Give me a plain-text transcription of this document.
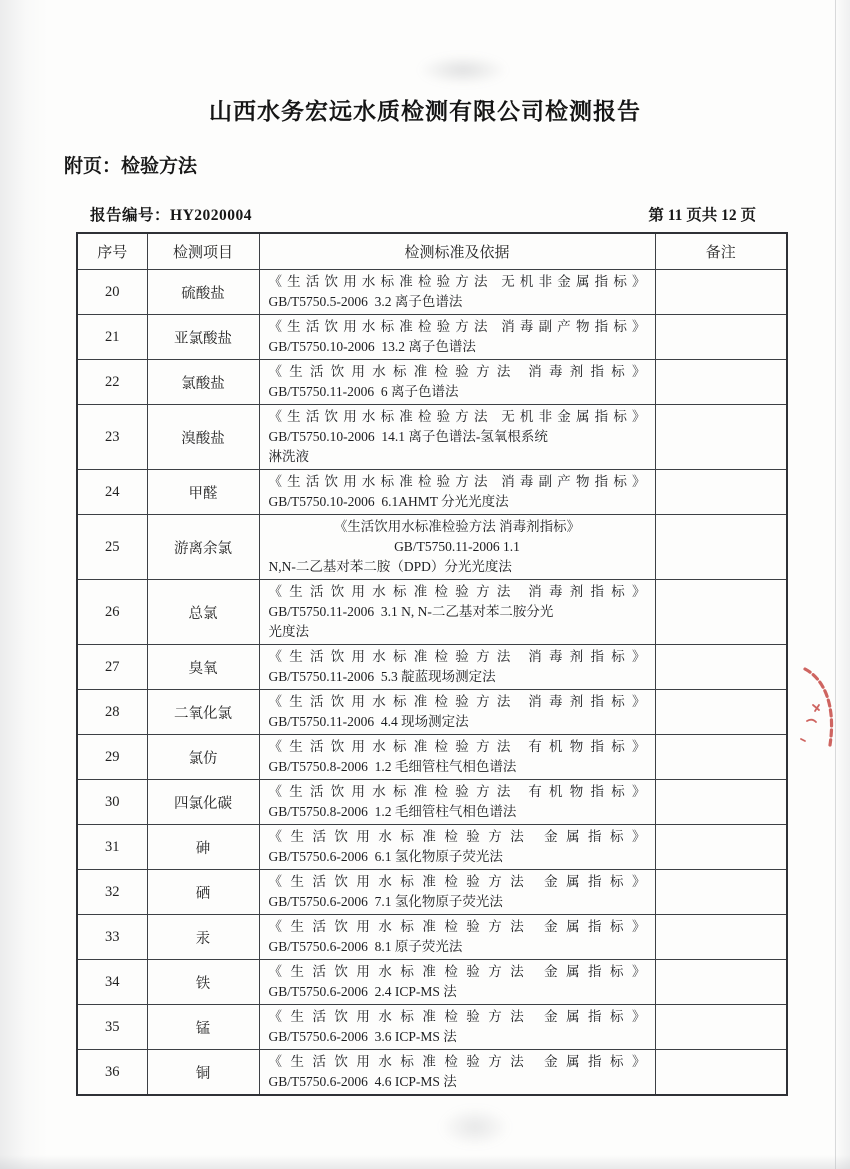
山西水务宏远水质检测有限公司检测报告
附页：检验方法
报告编号：HY2020004	第 11 页共 12 页
序号	检测项目	检测标准及依据	备注
20	硫酸盐	《生活饮用水标准检验方法 无机非金属指标》
GB/T5750.5-2006  3.2 离子色谱法	

21	亚氯酸盐	《生活饮用水标准检验方法 消毒副产物指标》
GB/T5750.10-2006  13.2 离子色谱法	

22	氯酸盐	《生活饮用水标准检验方法 消毒剂指标》
GB/T5750.11-2006  6 离子色谱法	

23	溴酸盐	《生活饮用水标准检验方法 无机非金属指标》
GB/T5750.10-2006  14.1 离子色谱法-氢氧根系统
淋洗液	

24	甲醛	《生活饮用水标准检验方法 消毒副产物指标》
GB/T5750.10-2006  6.1AHMT 分光光度法	

25	游离余氯	《生活饮用水标准检验方法 消毒剂指标》
GB/T5750.11-2006 1.1
N,N-二乙基对苯二胺（DPD）分光光度法	

26	总氯	《生活饮用水标准检验方法 消毒剂指标》
GB/T5750.11-2006  3.1 N, N-二乙基对苯二胺分光
光度法	

27	臭氧	《生活饮用水标准检验方法 消毒剂指标》
GB/T5750.11-2006  5.3 靛蓝现场测定法	

28	二氧化氯	《生活饮用水标准检验方法 消毒剂指标》
GB/T5750.11-2006  4.4 现场测定法	

29	氯仿	《生活饮用水标准检验方法 有机物指标》
GB/T5750.8-2006  1.2 毛细管柱气相色谱法	

30	四氯化碳	《生活饮用水标准检验方法 有机物指标》
GB/T5750.8-2006  1.2 毛细管柱气相色谱法	

31	砷	《生活饮用水标准检验方法 金属指标》
GB/T5750.6-2006  6.1 氢化物原子荧光法	

32	硒	《生活饮用水标准检验方法 金属指标》
GB/T5750.6-2006  7.1 氢化物原子荧光法	

33	汞	《生活饮用水标准检验方法 金属指标》
GB/T5750.6-2006  8.1 原子荧光法	

34	铁	《生活饮用水标准检验方法 金属指标》
GB/T5750.6-2006  2.4 ICP-MS 法	

35	锰	《生活饮用水标准检验方法 金属指标》
GB/T5750.6-2006  3.6 ICP-MS 法	

36	铜	《生活饮用水标准检验方法 金属指标》
GB/T5750.6-2006  4.6 ICP-MS 法	
